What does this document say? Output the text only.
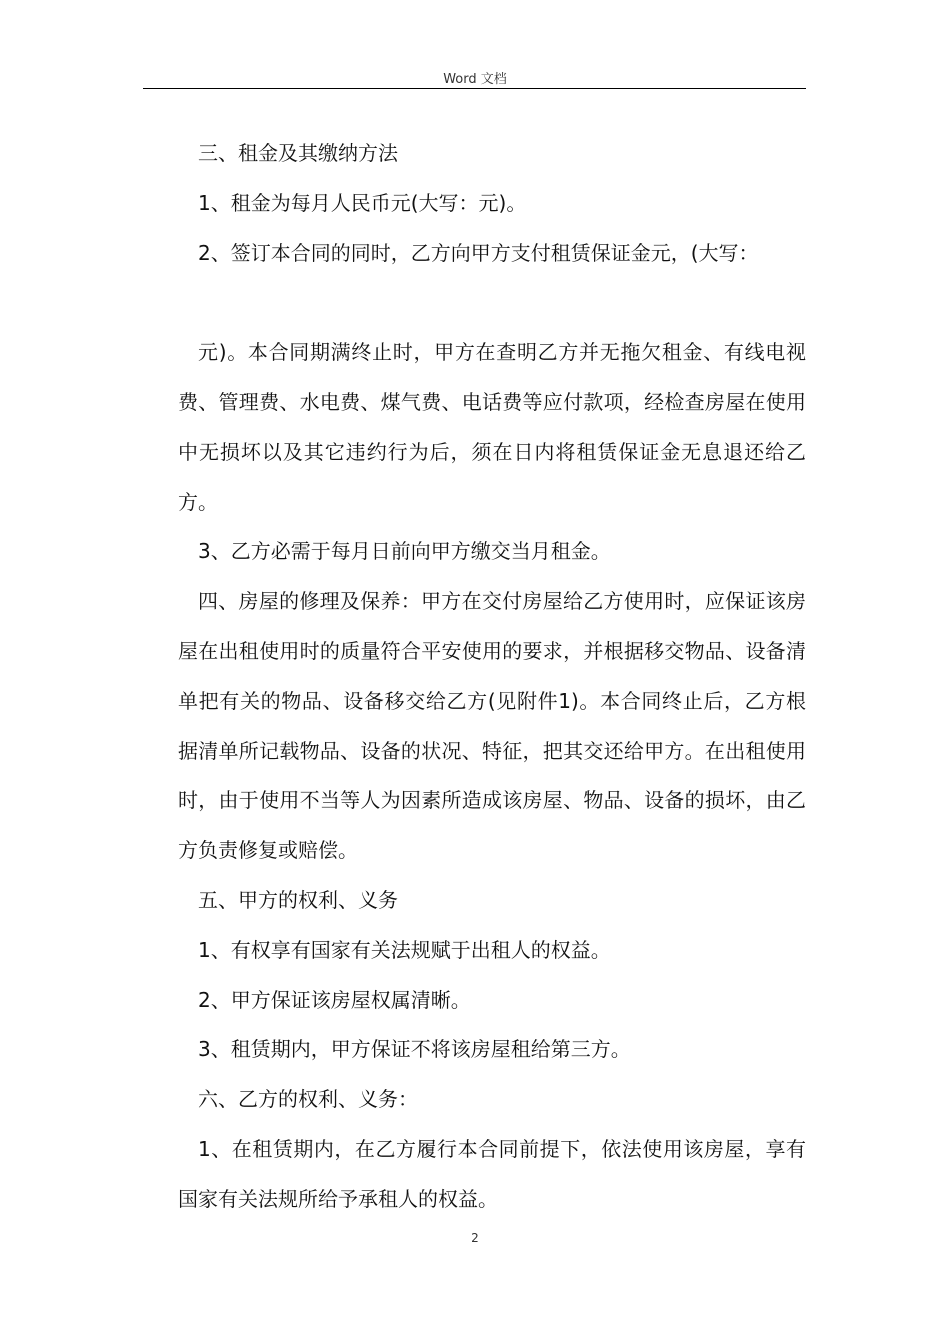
Word 文档

三、租金及其缴纳方法

1、租金为每月人民币元(大写：元)。

2、签订本合同的同时，乙方向甲方支付租赁保证金元，(大写：

元)。本合同期满终止时，甲方在查明乙方并无拖欠租金、有线电视费、管理费、水电费、煤气费、电话费等应付款项，经检查房屋在使用中无损坏以及其它违约行为后，须在日内将租赁保证金无息退还给乙方。

3、乙方必需于每月日前向甲方缴交当月租金。

四、房屋的修理及保养：甲方在交付房屋给乙方使用时，应保证该房屋在出租使用时的质量符合平安使用的要求，并根据移交物品、设备清单把有关的物品、设备移交给乙方(见附件1)。本合同终止后，乙方根据清单所记载物品、设备的状况、特征，把其交还给甲方。在出租使用时，由于使用不当等人为因素所造成该房屋、物品、设备的损坏，由乙方负责修复或赔偿。

五、甲方的权利、义务

1、有权享有国家有关法规赋于出租人的权益。

2、甲方保证该房屋权属清晰。

3、租赁期内，甲方保证不将该房屋租给第三方。

六、乙方的权利、义务：

1、在租赁期内，在乙方履行本合同前提下，依法使用该房屋，享有国家有关法规所给予承租人的权益。

2
